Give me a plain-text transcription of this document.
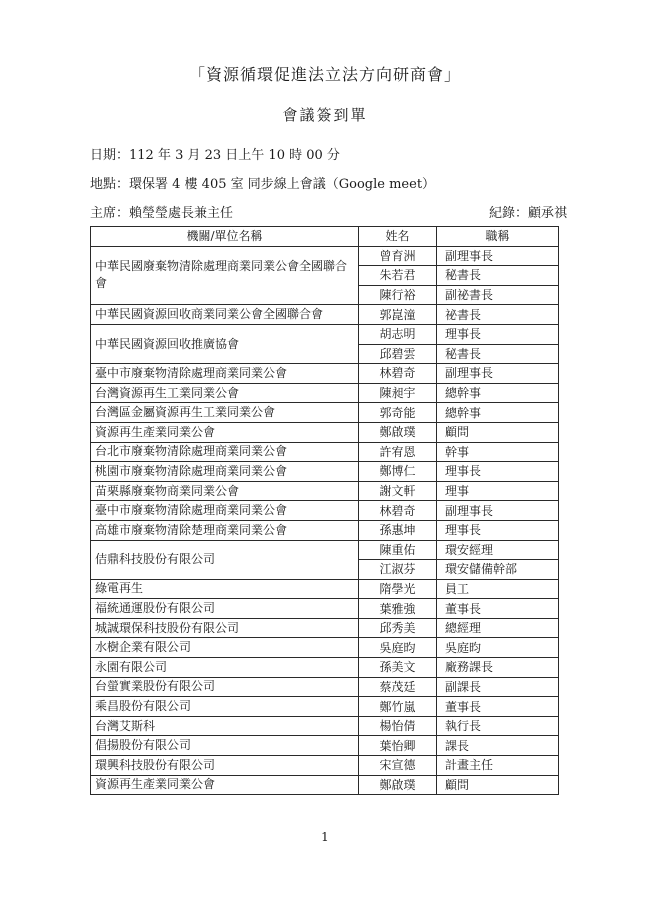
「資源循環促進法立法方向研商會」
會議簽到單
日期：112 年 3 月 23 日上午 10 時 00 分
地點：環保署 4 樓 405 室 同步線上會議（Google meet）
主席：賴瑩瑩處長兼主任	紀錄：顧承祺
機關/單位名稱	姓名	職稱
中華民國廢棄物清除處理商業同業公會全國聯合會	曾育洲	副理事長
	朱若君	秘書長
	陳行裕	副祕書長
中華民國資源回收商業同業公會全國聯合會	郭崑潼	祕書長
中華民國資源回收推廣協會	胡志明	理事長
	邱碧雲	秘書長
臺中市廢棄物清除處理商業同業公會	林碧奇	副理事長
台灣資源再生工業同業公會	陳昶宇	總幹事
台灣區金屬資源再生工業同業公會	郭奇能	總幹事
資源再生產業同業公會	鄭啟璞	顧問
台北市廢棄物清除處理商業同業公會	許宥恩	幹事
桃園市廢棄物清除處理商業同業公會	鄭博仁	理事長
苗栗縣廢棄物商業同業公會	謝文軒	理事
臺中市廢棄物清除處理商業同業公會	林碧奇	副理事長
高雄市廢棄物清除楚理商業同業公會	孫惠坤	理事長
佶鼎科技股份有限公司	陳重佑	環安經理
	江淑芬	環安儲備幹部
綠電再生	隋學光	員工
福統通運股份有限公司	葉雅強	董事長
城誠環保科技股份有限公司	邱秀美	總經理
水樹企業有限公司	吳庭昀	吳庭昀
永園有限公司	孫美文	廠務課長
台螢實業股份有限公司	蔡茂廷	副課長
乘昌股份有限公司	鄭竹嵐	董事長
台灣艾斯科	楊怡倩	執行長
倡揚股份有限公司	葉怡卿	課長
環興科技股份有限公司	宋宣德	計畫主任
資源再生產業同業公會	鄭啟璞	顧問
1
